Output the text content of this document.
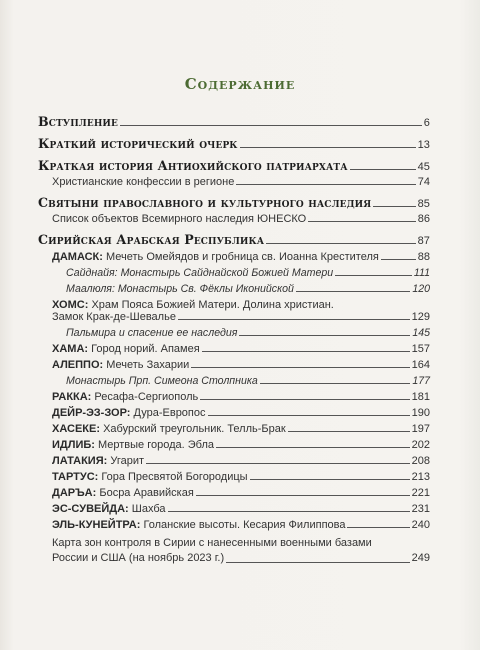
Содержание
Вступление	6
Краткий исторический очерк	13
Краткая история Антиохийского патриархата	45
Христианские конфессии в регионе	74
Святыни православного и культурного наследия	85
Список объектов Всемирного наследия ЮНЕСКО	86
Сирийская Арабская Республика	87
ДАМАСК: Мечеть Омейядов и гробница св. Иоанна Крестителя	88
Сайднайя: Монастырь Сайднайской Божией Матери	111
Маалюля: Монастырь Св. Фёклы Иконийской	120
ХОМС: Храм Пояса Божией Матери. Долина христиан.
Замок Крак-де-Шевалье	129
Пальмира и спасение ее наследия	145
ХАМА: Город норий. Апамея	157
АЛЕППО: Мечеть Захарии	164
Монастырь Прп. Симеона Столпника	177
РАККА: Ресафа-Сергиополь	181
ДЕЙР-ЭЗ-ЗОР: Дура-Европос	190
ХАСЕКЕ: Хабурский треугольник. Телль-Брак	197
ИДЛИБ: Мертвые города. Эбла	202
ЛАТАКИЯ: Угарит	208
ТАРТУС: Гора Пресвятой Богородицы	213
ДАРЪА: Босра Аравийская	221
ЭС-СУВЕЙДА: Шахба	231
ЭЛЬ-КУНЕЙТРА: Голанские высоты. Кесария Филиппова	240
Карта зон контроля в Сирии с нанесенными военными базами
России и США (на ноябрь 2023 г.)	249
